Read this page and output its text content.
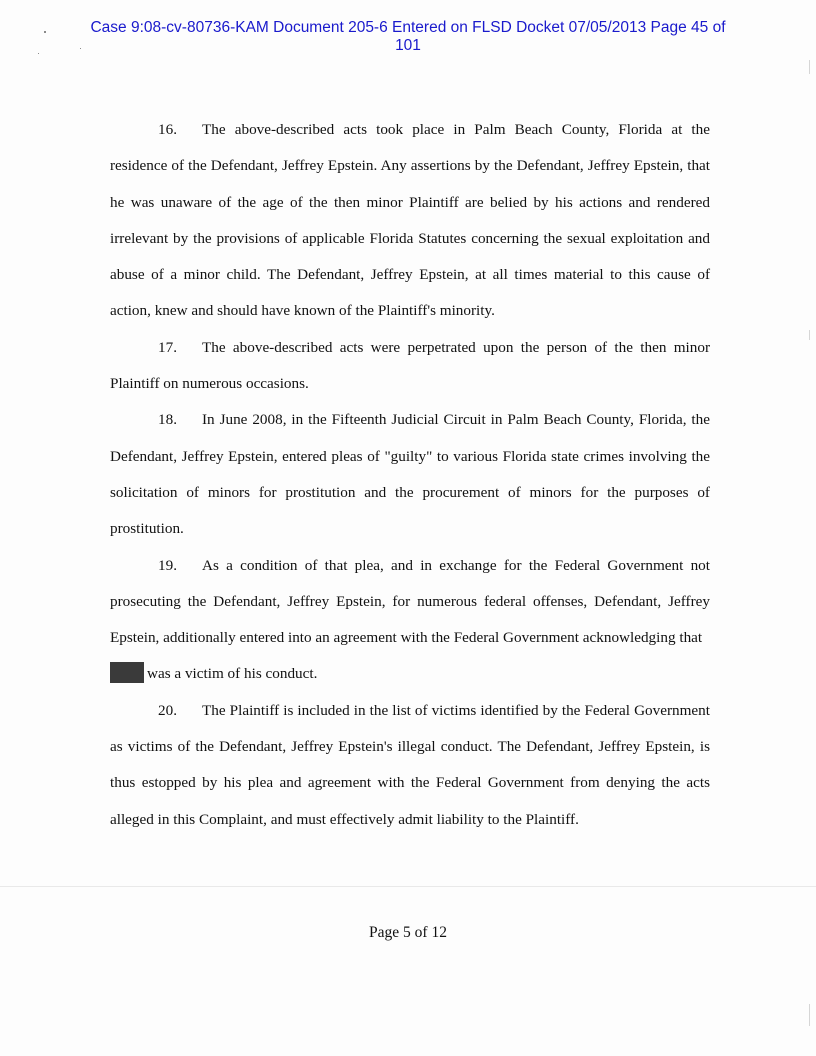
Case 9:08-cv-80736-KAM Document 205-6 Entered on FLSD Docket 07/05/2013 Page 45 of
101

16. The above-described acts took place in Palm Beach County, Florida at the residence of the Defendant, Jeffrey Epstein. Any assertions by the Defendant, Jeffrey Epstein, that he was unaware of the age of the then minor Plaintiff are belied by his actions and rendered irrelevant by the provisions of applicable Florida Statutes concerning the sexual exploitation and abuse of a minor child. The Defendant, Jeffrey Epstein, at all times material to this cause of action, knew and should have known of the Plaintiff's minority.

17. The above-described acts were perpetrated upon the person of the then minor Plaintiff on numerous occasions.

18. In June 2008, in the Fifteenth Judicial Circuit in Palm Beach County, Florida, the Defendant, Jeffrey Epstein, entered pleas of "guilty" to various Florida state crimes involving the solicitation of minors for prostitution and the procurement of minors for the purposes of prostitution.

19. As a condition of that plea, and in exchange for the Federal Government not prosecuting the Defendant, Jeffrey Epstein, for numerous federal offenses, Defendant, Jeffrey Epstein, additionally entered into an agreement with the Federal Government acknowledging that

was a victim of his conduct.

20. The Plaintiff is included in the list of victims identified by the Federal Government as victims of the Defendant, Jeffrey Epstein's illegal conduct. The Defendant, Jeffrey Epstein, is thus estopped by his plea and agreement with the Federal Government from denying the acts alleged in this Complaint, and must effectively admit liability to the Plaintiff.

Page 5 of 12
